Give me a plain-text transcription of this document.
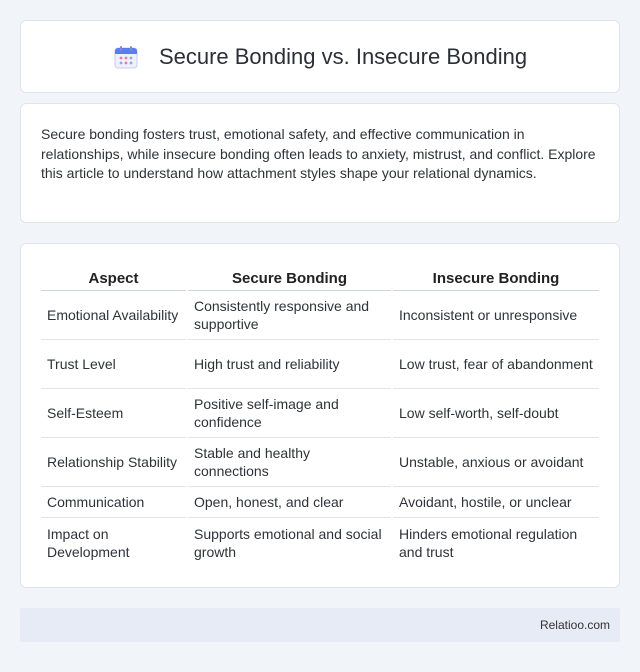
Secure Bonding vs. Insecure Bonding

Secure bonding fosters trust, emotional safety, and effective communication in relationships, while insecure bonding often leads to anxiety, mistrust, and conflict. Explore this article to understand how attachment styles shape your relational dynamics.

Aspect	Secure Bonding	Insecure Bonding
Emotional Availability	Consistently responsive and supportive	Inconsistent or unresponsive
Trust Level	High trust and reliability	Low trust, fear of abandonment
Self-Esteem	Positive self-image and confidence	Low self-worth, self-doubt
Relationship Stability	Stable and healthy connections	Unstable, anxious or avoidant
Communication	Open, honest, and clear	Avoidant, hostile, or unclear
Impact on Development	Supports emotional and social growth	Hinders emotional regulation and trust
Relatioo.com
